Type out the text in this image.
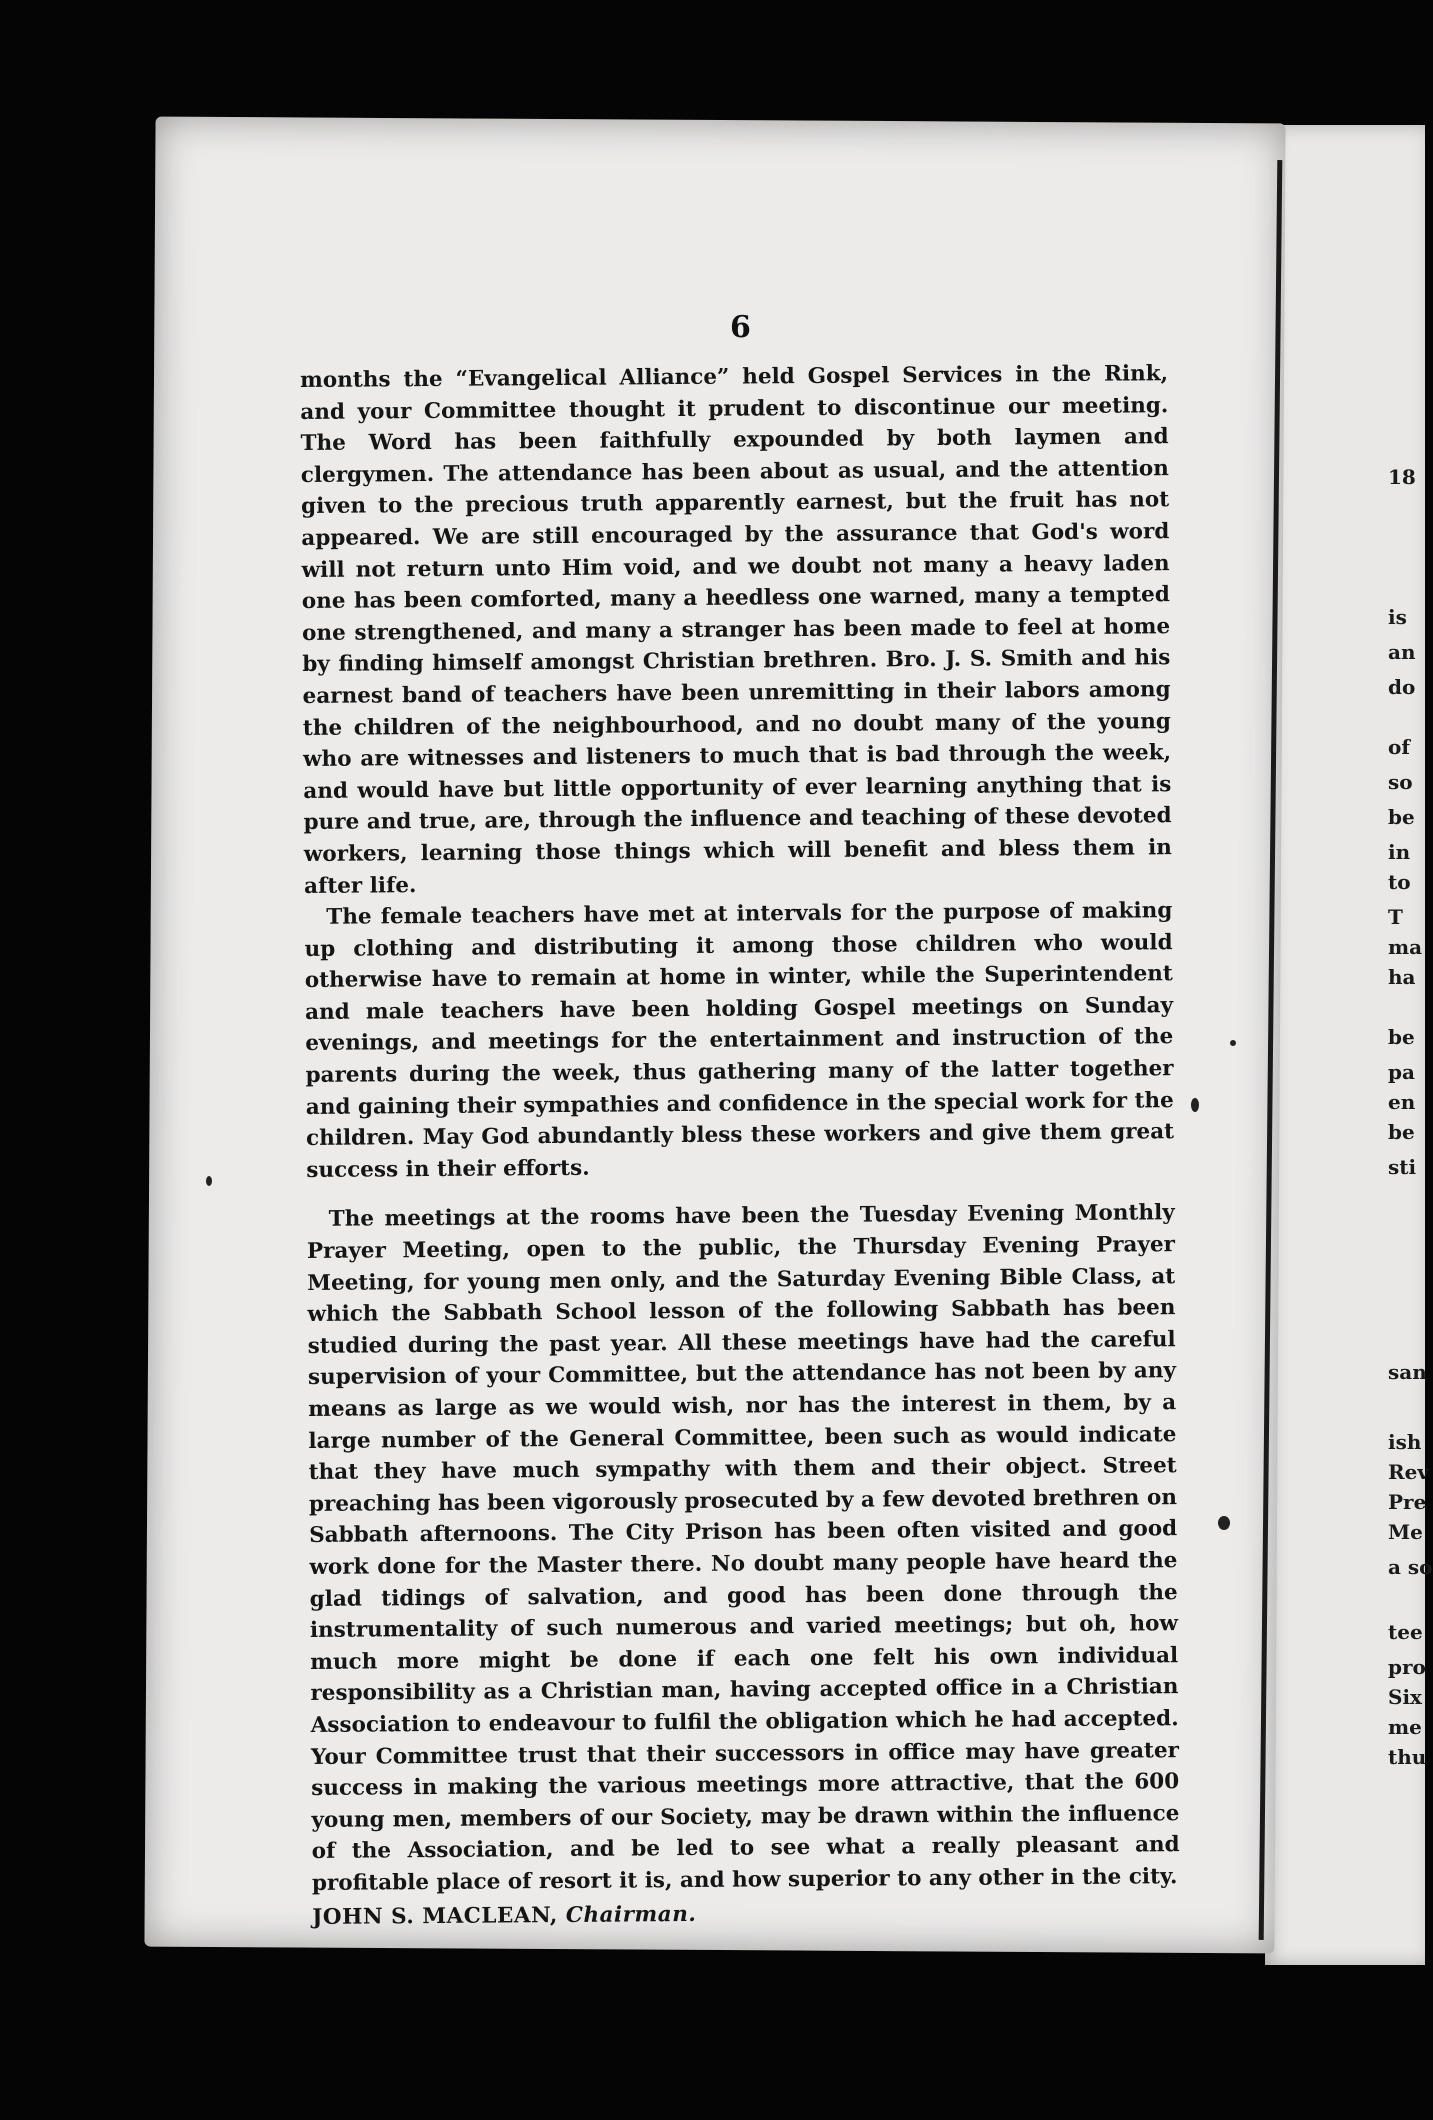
6

months the “Evangelical Alliance” held Gospel Services in the Rink, and your Committee thought it prudent to discontinue our meeting. The Word has been faithfully expounded by both laymen and clergymen. The attendance has been about as usual, and the attention given to the precious truth apparently earnest, but the fruit has not appeared. We are still encouraged by the assurance that God's word will not return unto Him void, and we doubt not many a heavy laden one has been comforted, many a heedless one warned, many a tempted one strengthened, and many a stranger has been made to feel at home by finding himself amongst Christian brethren. Bro. J. S. Smith and his earnest band of teachers have been unremitting in their labors among the children of the neighbourhood, and no doubt many of the young who are witnesses and listeners to much that is bad through the week, and would have but little opportunity of ever learning anything that is pure and true, are, through the influence and teaching of these devoted workers, learning those things which will benefit and bless them in after life.

The female teachers have met at intervals for the purpose of making up clothing and distributing it among those children who would otherwise have to remain at home in winter, while the Superintendent and male teachers have been holding Gospel meetings on Sunday evenings, and meetings for the entertainment and instruction of the parents during the week, thus gathering many of the latter together and gaining their sympathies and confidence in the special work for the children. May God abundantly bless these workers and give them great success in their efforts.

The meetings at the rooms have been the Tuesday Evening Monthly Prayer Meeting, open to the public, the Thursday Evening Prayer Meeting, for young men only, and the Saturday Evening Bible Class, at which the Sabbath School lesson of the following Sabbath has been studied during the past year. All these meetings have had the careful supervision of your Committee, but the attendance has not been by any means as large as we would wish, nor has the interest in them, by a large number of the General Committee, been such as would indicate that they have much sympathy with them and their object. Street preaching has been vigorously prosecuted by a few devoted brethren on Sabbath afternoons. The City Prison has been often visited and good work done for the Master there. No doubt many people have heard the glad tidings of salvation, and good has been done through the instrumentality of such numerous and varied meetings; but oh, how much more might be done if each one felt his own individual responsibility as a Christian man, having accepted office in a Christian Association to endeavour to fulfil the obligation which he had accepted. Your Committee trust that their successors in office may have greater success in making the various meetings more attractive, that the 600 young men, members of our Society, may be drawn within the influence of the Association, and be led to see what a really pleasant and profitable place of resort it is, and how superior to any other in the city.

JOHN S. MACLEAN, Chairman.

18
is
an
do
of
so
be
in
to
T
ma
ha
be
pa
en
be
sti
san
ish
Rev
Pre
Me
a so
tee
pro
Six
me
thu
